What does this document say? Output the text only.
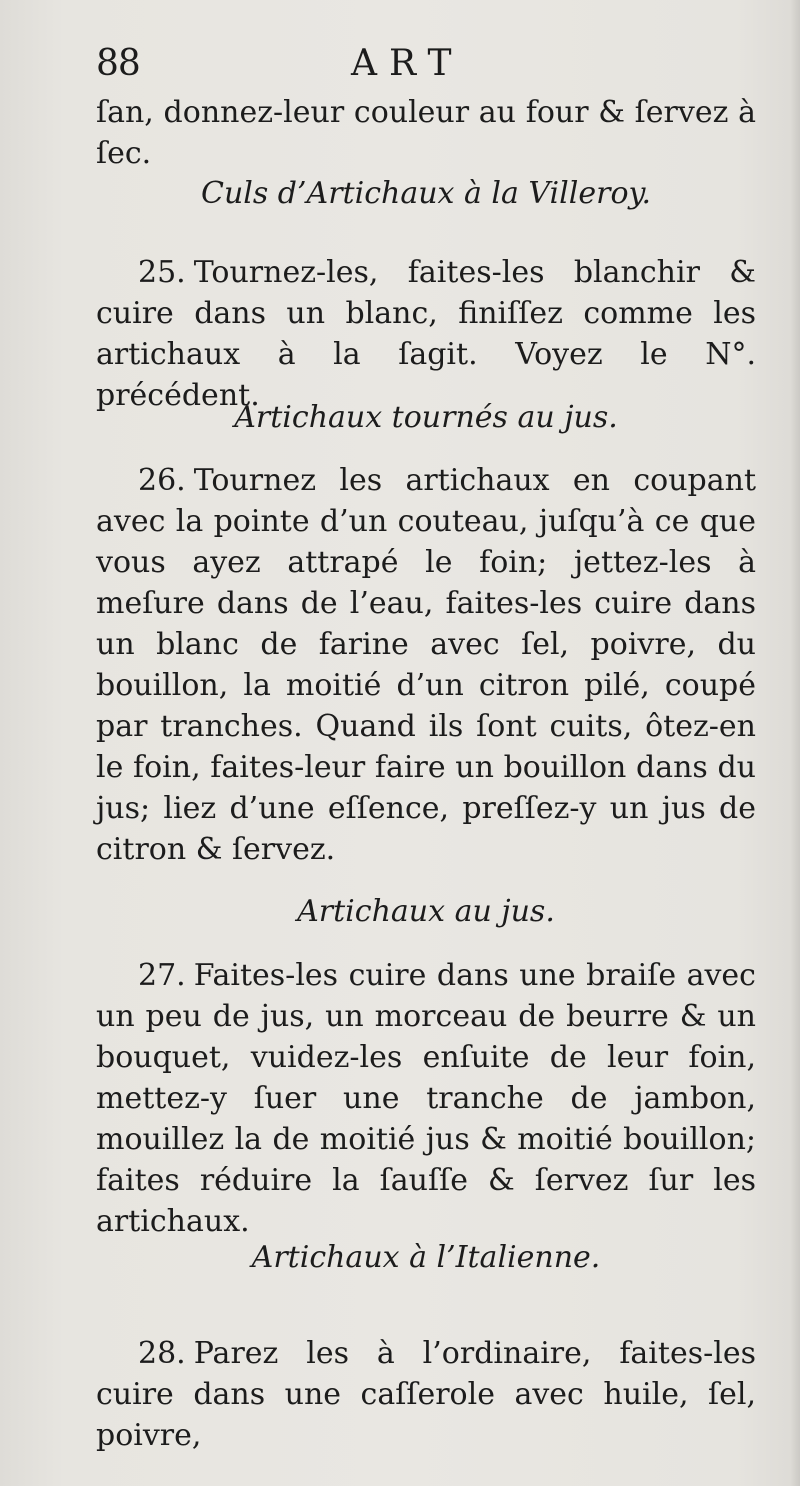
88	ART
ſan, donnez-leur couleur au four & ſervez à ſec.
Culs d’Artichaux à la Villeroy.
25. Tournez-les, faites-les blanchir & cuire dans un blanc, finiſſez comme les artichaux à la ſagit. Voyez le N°. précédent.
Artichaux tournés au jus.
26. Tournez les artichaux en coupant avec la pointe d’un couteau, juſqu’à ce que vous ayez attrapé le foin; jettez-les à meſure dans de l’eau, faites-les cuire dans un blanc de farine avec ſel, poivre, du bouillon, la moitié d’un citron pilé, coupé par tranches. Quand ils ſont cuits, ôtez-en le foin, faites-leur faire un bouillon dans du jus; liez d’une eſſence, preſſez-y un jus de citron & ſervez.
Artichaux au jus.
27. Faites-les cuire dans une braiſe avec un peu de jus, un morceau de beurre & un bouquet, vuidez-les enſuite de leur foin, mettez-y ſuer une tranche de jambon, mouillez la de moitié jus & moitié bouillon; faites réduire la ſauſſe & ſervez ſur les artichaux.
Artichaux à l’Italienne.
28. Parez les à l’ordinaire, faites-les cuire dans une caſſerole avec huile, ſel, poivre,
